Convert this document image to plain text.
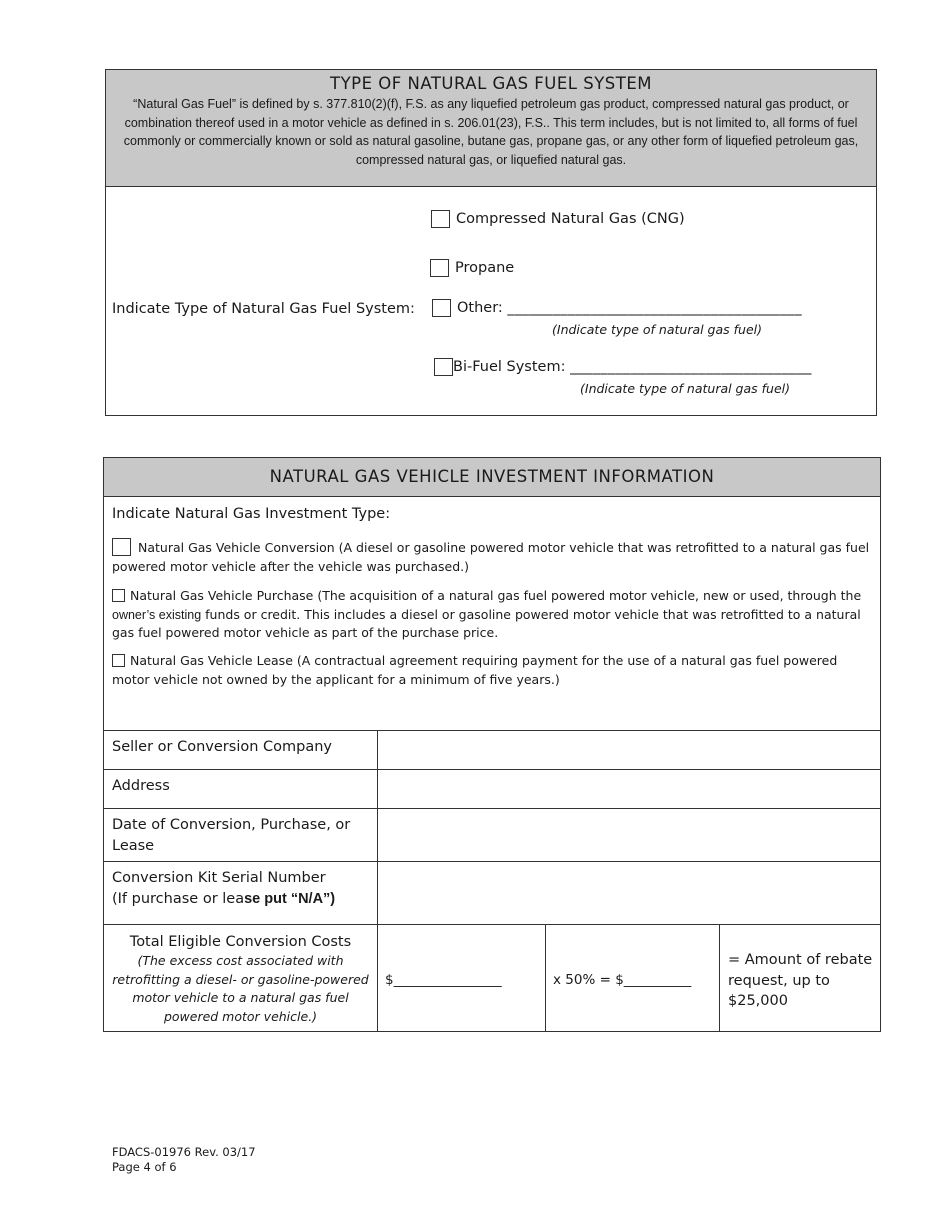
TYPE OF NATURAL GAS FUEL SYSTEM

“Natural Gas Fuel” is defined by s. 377.810(2)(f), F.S. as any liquefied petroleum gas product, compressed natural gas product, or combination thereof used in a motor vehicle as defined in s. 206.01(23), F.S.. This term includes, but is not limited to, all forms of fuel commonly or commercially known or sold as natural gasoline, butane gas, propane gas, or any other form of liquefied petroleum gas, compressed natural gas, or liquefied natural gas.

Indicate Type of Natural Gas Fuel System:
Compressed Natural Gas (CNG)
Propane
Other: _______________________________________
(Indicate type of natural gas fuel)
Bi-Fuel System: ________________________________
(Indicate type of natural gas fuel)
NATURAL GAS VEHICLE INVESTMENT INFORMATION
Indicate Natural Gas Investment Type:
Natural Gas Vehicle Conversion (A diesel or gasoline powered motor vehicle that was retrofitted to a natural gas fuel powered motor vehicle after the vehicle was purchased.)
Natural Gas Vehicle Purchase (The acquisition of a natural gas fuel powered motor vehicle, new or used, through the owner’s existing funds or credit. This includes a diesel or gasoline powered motor vehicle that was retrofitted to a natural gas fuel powered motor vehicle as part of the purchase price.
Natural Gas Vehicle Lease (A contractual agreement requiring payment for the use of a natural gas fuel powered motor vehicle not owned by the applicant for a minimum of five years.)
Seller or Conversion Company
Address
Date of Conversion, Purchase, or Lease
Conversion Kit Serial Number
(If purchase or lease put “N/A”)
Total Eligible Conversion Costs
(The excess cost associated with retrofitting a diesel- or gasoline-powered motor vehicle to a natural gas fuel powered motor vehicle.)
$________________	x 50% = $__________
= Amount of rebate request, up to $25,000
FDACS-01976 Rev. 03/17
Page 4 of 6
